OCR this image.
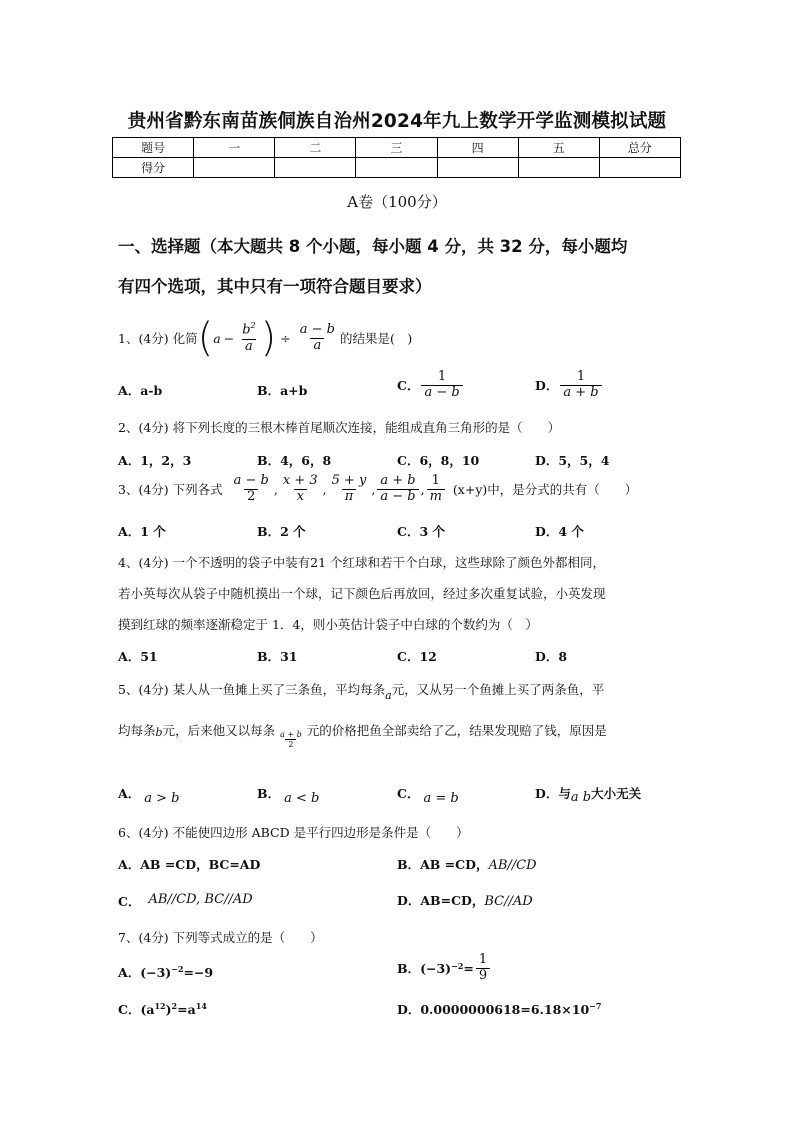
贵州省黔东南苗族侗族自治州2024年九上数学开学监测模拟试题
题号	一	二	三	四	五	总分
得分						
A卷（100分）
一、选择题（本大题共 8 个小题，每小题 4 分，共 32 分，每小题均
有四个选项，其中只有一项符合题目要求）
1、(4分) 化简 ( $a - \frac{b^2}{a}$ ) ÷ $\frac{a - b}{a}$ 的结果是(　)
A．a-b	B．a+b	C． $\frac{1}{a - b}$	D． $\frac{1}{a + b}$
2、(4分) 将下列长度的三根木棒首尾顺次连接，能组成直角三角形的是（　　）
A．1，2，3	B．4，6，8	C．6，8，10	D．5，5，4
3、(4分) 下列各式 $\frac{a - b}{2}$ , $\frac{x + 3}{x}$ , $\frac{5 + y}{\pi}$ , $\frac{a + b}{a - b}$ , $\frac{1}{m} (x+y)$中，是分式的共有（　　）
A．1 个	B．2 个	C．3 个	D．4 个
4、(4分) 一个不透明的袋子中装有21 个红球和若干个白球，这些球除了颜色外都相同，
若小英每次从袋子中随机摸出一个球，记下颜色后再放回，经过多次重复试验，小英发现
摸到红球的频率逐渐稳定于 1．4，则小英估计袋子中白球的个数约为（　）
A．51	B．31	C．12	D．8
5、(4分) 某人从一鱼摊上买了三条鱼，平均每条a元，又从另一个鱼摊上买了两条鱼，平
均每条 b 元，后来他又以每条 $\frac{a + b}{2}$ 元的价格把鱼全部卖给了乙，结果发现赔了钱，原因是
A． a > b	B． a < b	C． a = b	D．与a b大小无关
6、(4分) 不能使四边形 ABCD 是平行四边形是条件是（　　）
A．AB =CD，BC=AD	B．AB =CD，AB//CD
C． AB//CD, BC//AD	D．AB=CD，BC//AD
7、(4分) 下列等式成立的是（　　）
A．$(-3)^{-2}=-9$	B．$(-3) -2 = \frac{1}{9}$
C．$(a^{12})^2=a^{14}$	D．$0.0000000618=6.18\times 10^{-7}$
